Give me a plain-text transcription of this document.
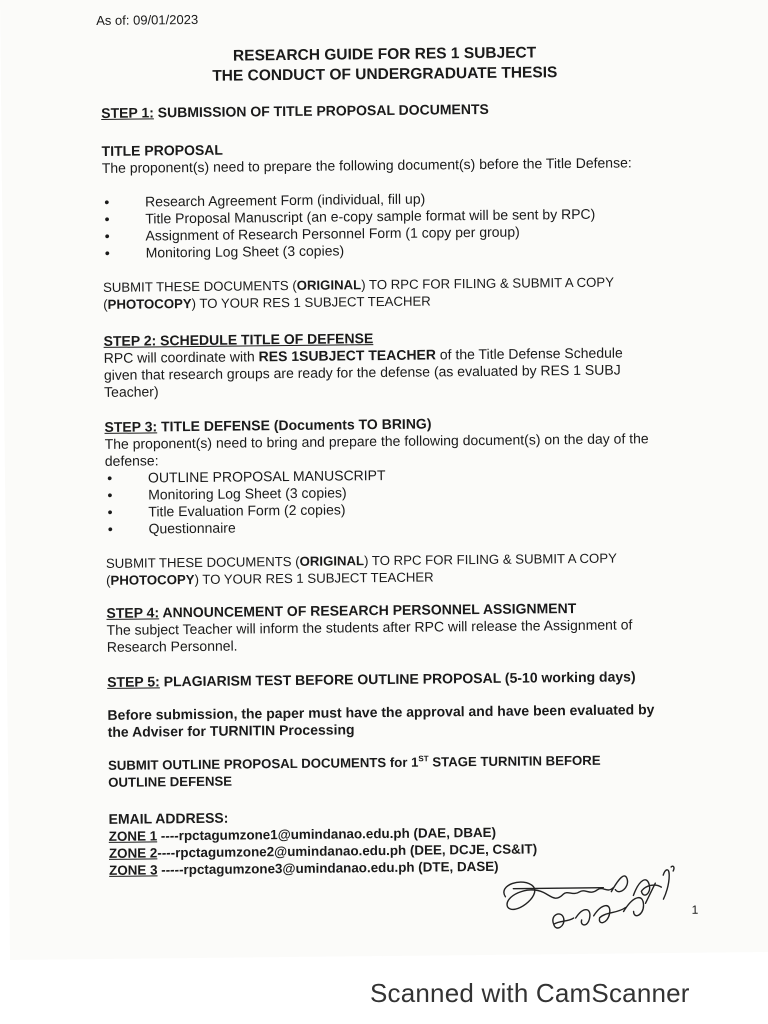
As of: 09/01/2023
RESEARCH GUIDE FOR RES 1 SUBJECT
THE CONDUCT OF UNDERGRADUATE THESIS
STEP 1: SUBMISSION OF TITLE PROPOSAL DOCUMENTS
TITLE PROPOSAL
The proponent(s) need to prepare the following document(s) before the Title Defense:
● Research Agreement Form (individual, fill up)
● Title Proposal Manuscript (an e-copy sample format will be sent by RPC)
● Assignment of Research Personnel Form (1 copy per group)
● Monitoring Log Sheet (3 copies)
SUBMIT THESE DOCUMENTS (ORIGINAL) TO RPC FOR FILING & SUBMIT A COPY (PHOTOCOPY) TO YOUR RES 1 SUBJECT TEACHER
STEP 2: SCHEDULE TITLE OF DEFENSE
RPC will coordinate with RES 1SUBJECT TEACHER of the Title Defense Schedule given that research groups are ready for the defense (as evaluated by RES 1 SUBJ Teacher)
STEP 3: TITLE DEFENSE (Documents TO BRING)
The proponent(s) need to bring and prepare the following document(s) on the day of the defense:
● OUTLINE PROPOSAL MANUSCRIPT
● Monitoring Log Sheet (3 copies)
● Title Evaluation Form (2 copies)
● Questionnaire
SUBMIT THESE DOCUMENTS (ORIGINAL) TO RPC FOR FILING & SUBMIT A COPY (PHOTOCOPY) TO YOUR RES 1 SUBJECT TEACHER
STEP 4: ANNOUNCEMENT OF RESEARCH PERSONNEL ASSIGNMENT
The subject Teacher will inform the students after RPC will release the Assignment of Research Personnel.
STEP 5: PLAGIARISM TEST BEFORE OUTLINE PROPOSAL (5-10 working days)
Before submission, the paper must have the approval and have been evaluated by the Adviser for TURNITIN Processing
SUBMIT OUTLINE PROPOSAL DOCUMENTS for 1ST STAGE TURNITIN BEFORE OUTLINE DEFENSE
EMAIL ADDRESS:
ZONE 1 ----rpctagumzone1@umindanao.edu.ph (DAE, DBAE)
ZONE 2----rpctagumzone2@umindanao.edu.ph (DEE, DCJE, CS&IT)
ZONE 3 -----rpctagumzone3@umindanao.edu.ph (DTE, DASE)
1
Scanned with CamScanner
